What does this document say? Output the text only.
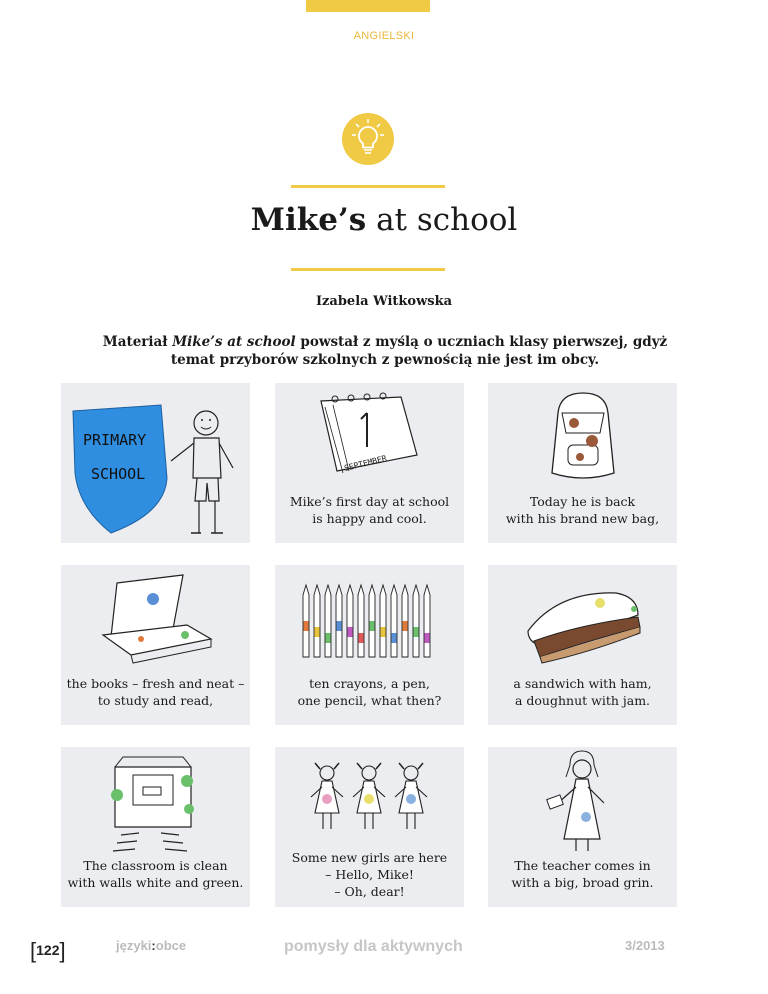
ANGIELSKI
Mike’s at school
Izabela Witkowska
Materiał Mike’s at school powstał z myślą o uczniach klasy pierwszej, gdyż temat przyborów szkolnych z pewnością nie jest im obcy.
PRIMARY
SCHOOL
SEPTEMBER
Mike’s first day at school
is happy and cool.
Today he is back
with his brand new bag,
the books – fresh and neat –
to study and read,
ten crayons, a pen,
one pencil, what then?
a sandwich with ham,
a doughnut with jam.
The classroom is clean
with walls white and green.
Some new girls are here
– Hello, Mike!
– Oh, dear!
The teacher comes in
with a big, broad grin.
[122]	języki:obce	pomysły dla aktywnych	3/2013
